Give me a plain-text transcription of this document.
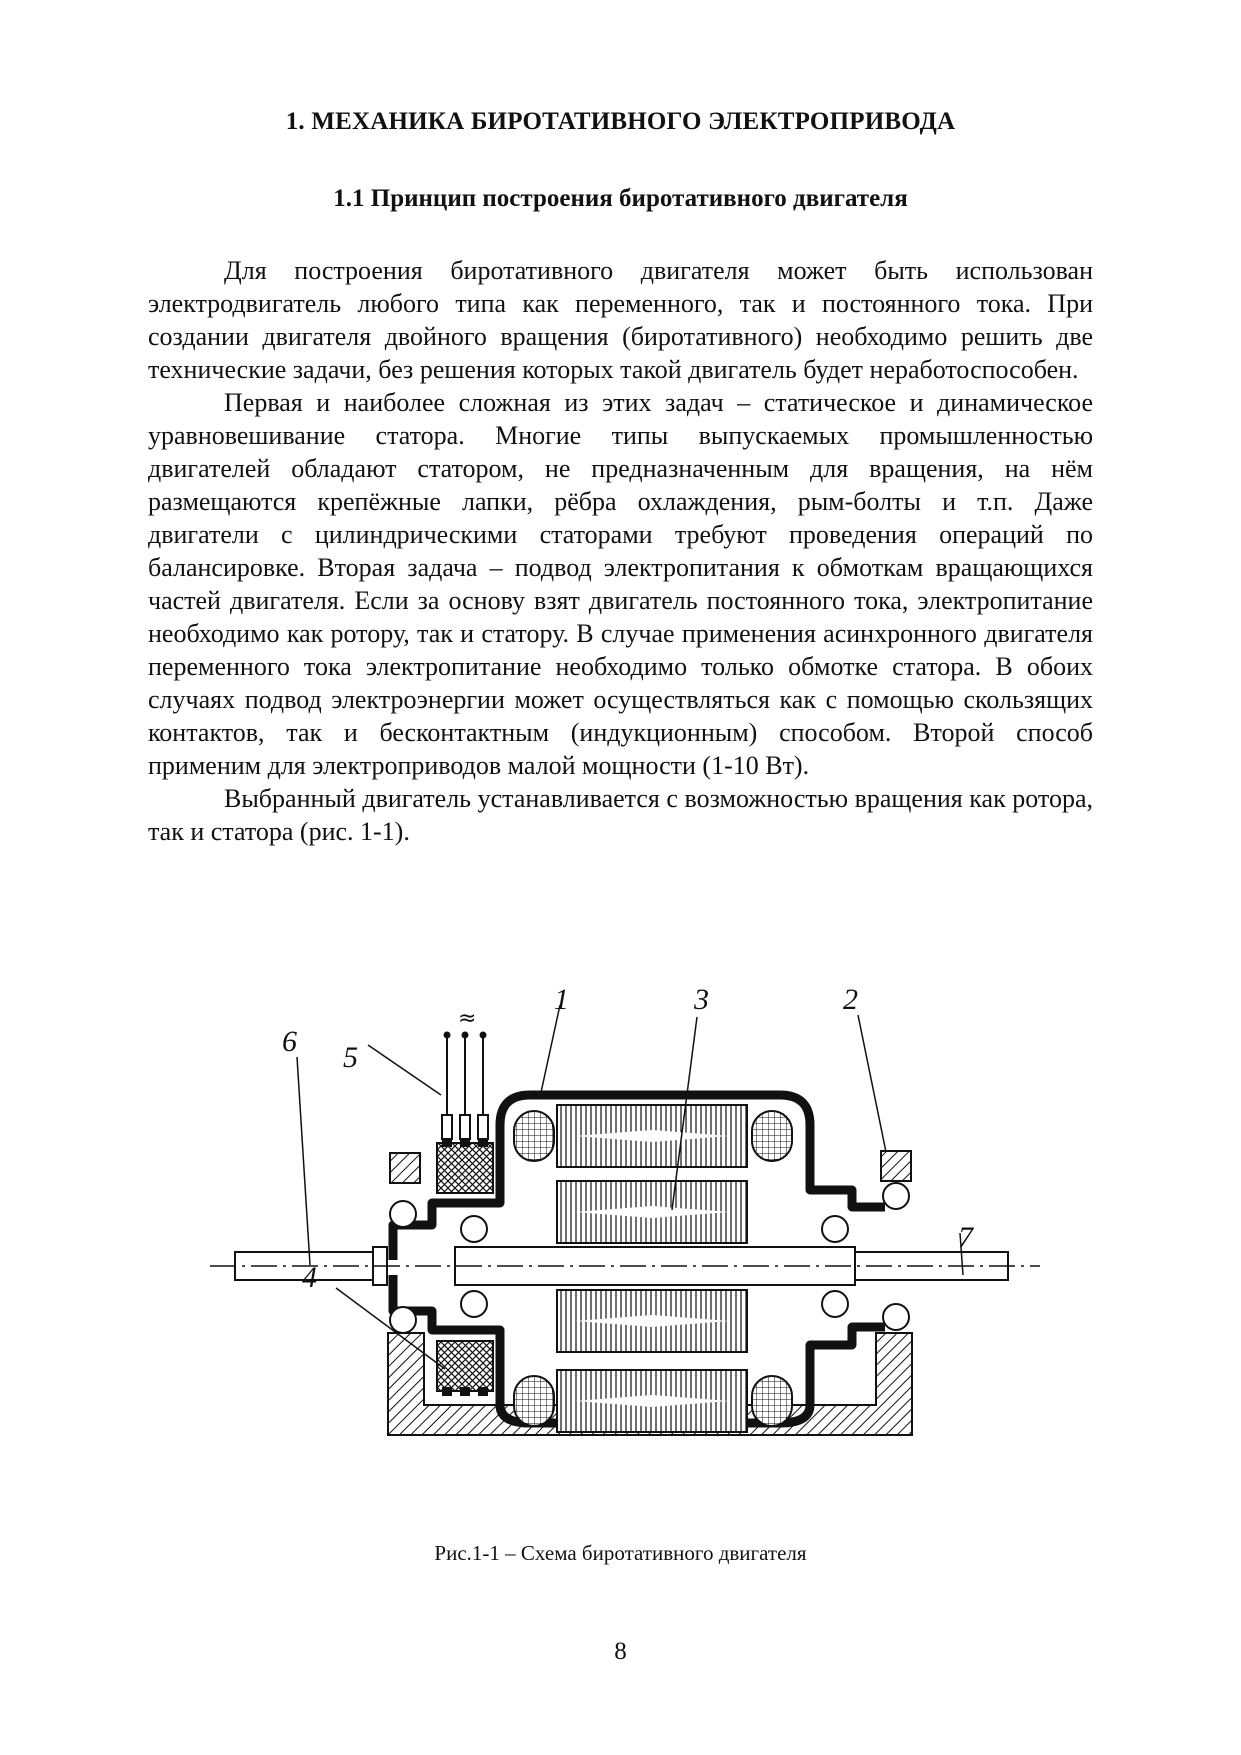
1. МЕХАНИКА БИРОТАТИВНОГО ЭЛЕКТРОПРИВОДА
1.1 Принцип построения биротативного двигателя

Для построения биротативного двигателя может быть использован электродвигатель любого типа как переменного, так и постоянного тока. При создании двигателя двойного вращения (биротативного) необходимо решить две технические задачи, без решения которых такой двигатель будет неработоспособен.

Первая и наиболее сложная из этих задач – статическое и динамическое уравновешивание статора. Многие типы выпускаемых промышленностью двигателей обладают статором, не предназначенным для вращения, на нём размещаются крепёжные лапки, рёбра охлаждения, рым-болты и т.п. Даже двигатели с цилиндрическими статорами требуют проведения операций по балансировке. Вторая задача – подвод электропитания к обмоткам вращающихся частей двигателя. Если за основу взят двигатель постоянного тока, электропитание необходимо как ротору, так и статору. В случае применения асинхронного двигателя переменного тока электропитание необходимо только обмотке статора. В обоих случаях подвод электроэнергии может осуществляться как с помощью скользящих контактов, так и бесконтактным (индукционным) способом. Второй способ применим для электроприводов малой мощности (1-10 Вт).

Выбранный двигатель устанавливается с возможностью вращения как ротора, так и статора (рис. 1-1).

1	2
3
4
5
6
7
≈

Рис.1-1 – Схема биротативного двигателя

8
